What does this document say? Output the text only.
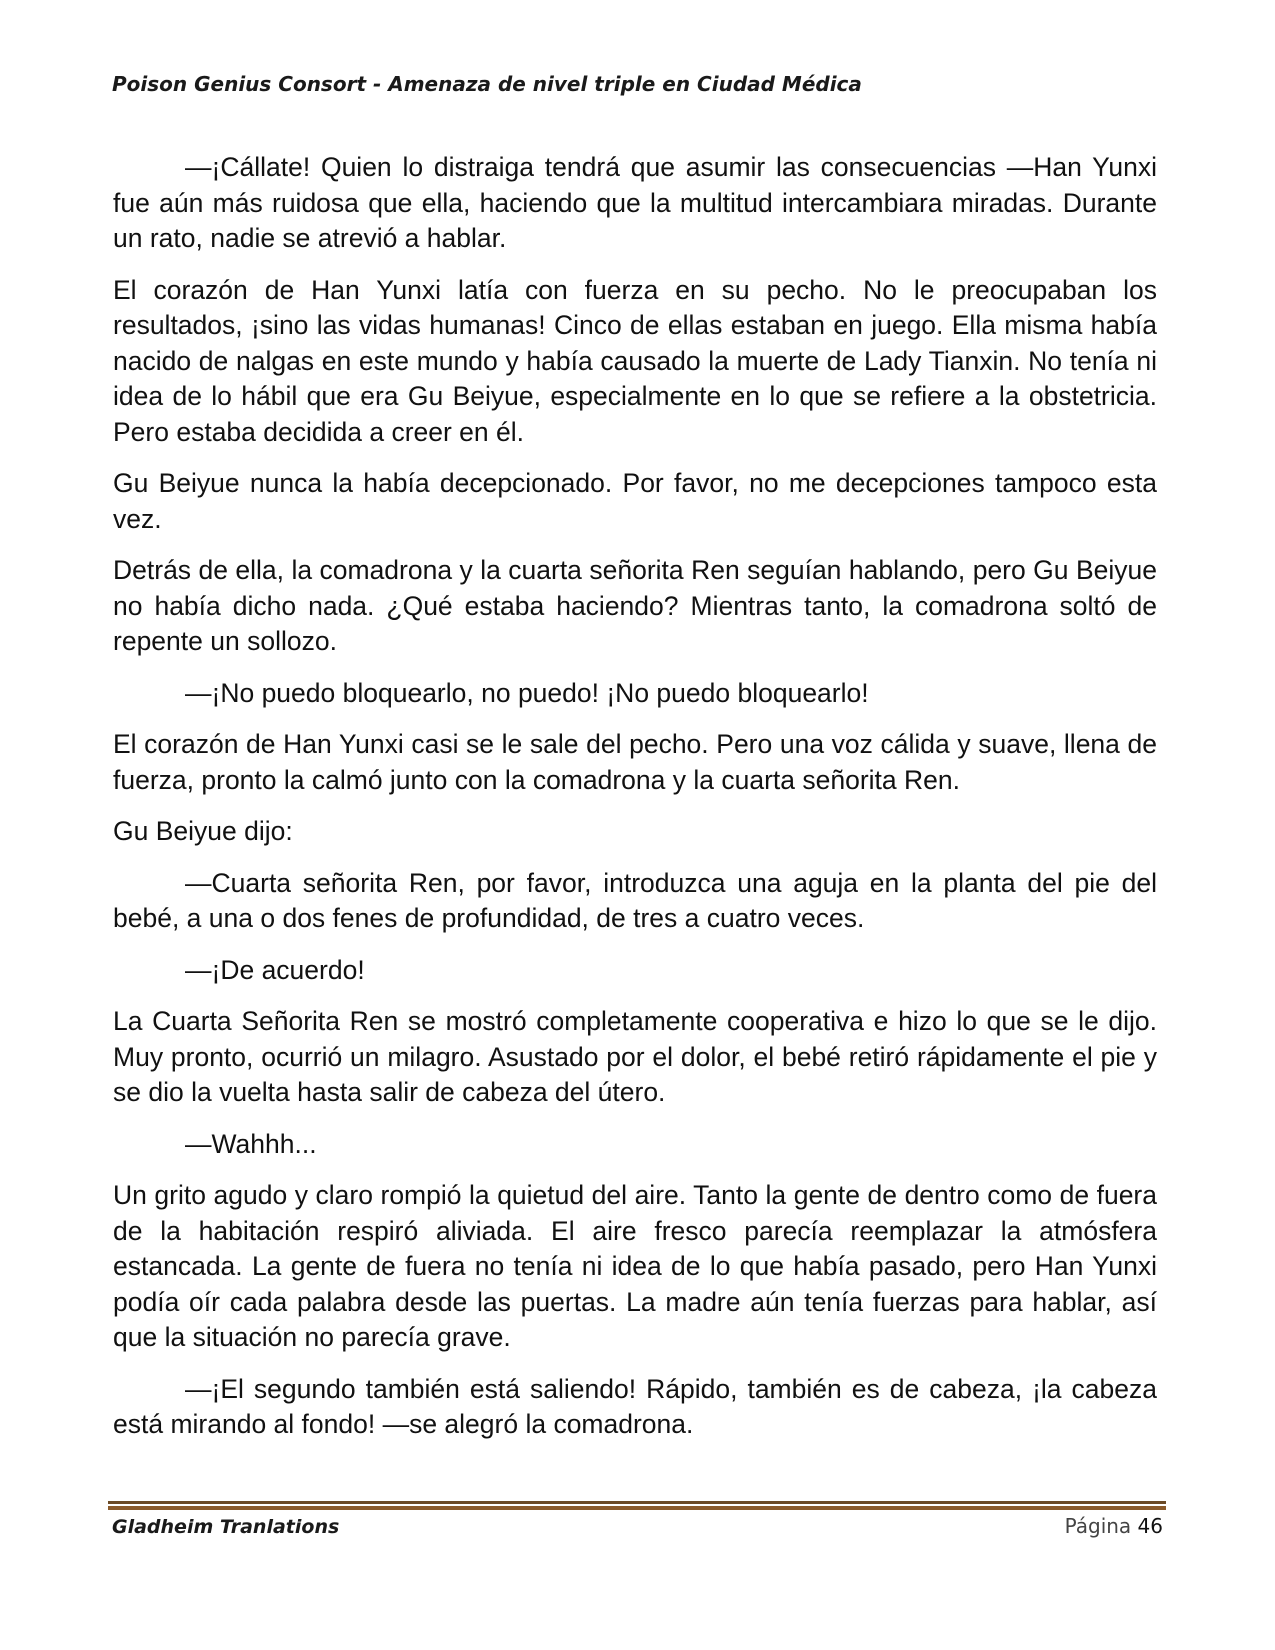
Poison Genius Consort - Amenaza de nivel triple en Ciudad Médica

—¡Cállate! Quien lo distraiga tendrá que asumir las consecuencias —Han Yunxi fue aún más ruidosa que ella, haciendo que la multitud intercambiara miradas. Durante un rato, nadie se atrevió a hablar.

El corazón de Han Yunxi latía con fuerza en su pecho. No le preocupaban los resultados, ¡sino las vidas humanas! Cinco de ellas estaban en juego. Ella misma había nacido de nalgas en este mundo y había causado la muerte de Lady Tianxin. No tenía ni idea de lo hábil que era Gu Beiyue, especialmente en lo que se refiere a la obstetricia. Pero estaba decidida a creer en él.

Gu Beiyue nunca la había decepcionado. Por favor, no me decepciones tampoco esta vez.

Detrás de ella, la comadrona y la cuarta señorita Ren seguían hablando, pero Gu Beiyue no había dicho nada. ¿Qué estaba haciendo? Mientras tanto, la comadrona soltó de repente un sollozo.

—¡No puedo bloquearlo, no puedo! ¡No puedo bloquearlo!

El corazón de Han Yunxi casi se le sale del pecho. Pero una voz cálida y suave, llena de fuerza, pronto la calmó junto con la comadrona y la cuarta señorita Ren.

Gu Beiyue dijo:

—Cuarta señorita Ren, por favor, introduzca una aguja en la planta del pie del bebé, a una o dos fenes de profundidad, de tres a cuatro veces.

—¡De acuerdo!

La Cuarta Señorita Ren se mostró completamente cooperativa e hizo lo que se le dijo. Muy pronto, ocurrió un milagro. Asustado por el dolor, el bebé retiró rápidamente el pie y se dio la vuelta hasta salir de cabeza del útero.

—Wahhh...

Un grito agudo y claro rompió la quietud del aire. Tanto la gente de dentro como de fuera de la habitación respiró aliviada. El aire fresco parecía reemplazar la atmósfera estancada. La gente de fuera no tenía ni idea de lo que había pasado, pero Han Yunxi podía oír cada palabra desde las puertas. La madre aún tenía fuerzas para hablar, así que la situación no parecía grave.

—¡El segundo también está saliendo! Rápido, también es de cabeza, ¡la cabeza está mirando al fondo! —se alegró la comadrona.

Gladheim Tranlations	Página 46
